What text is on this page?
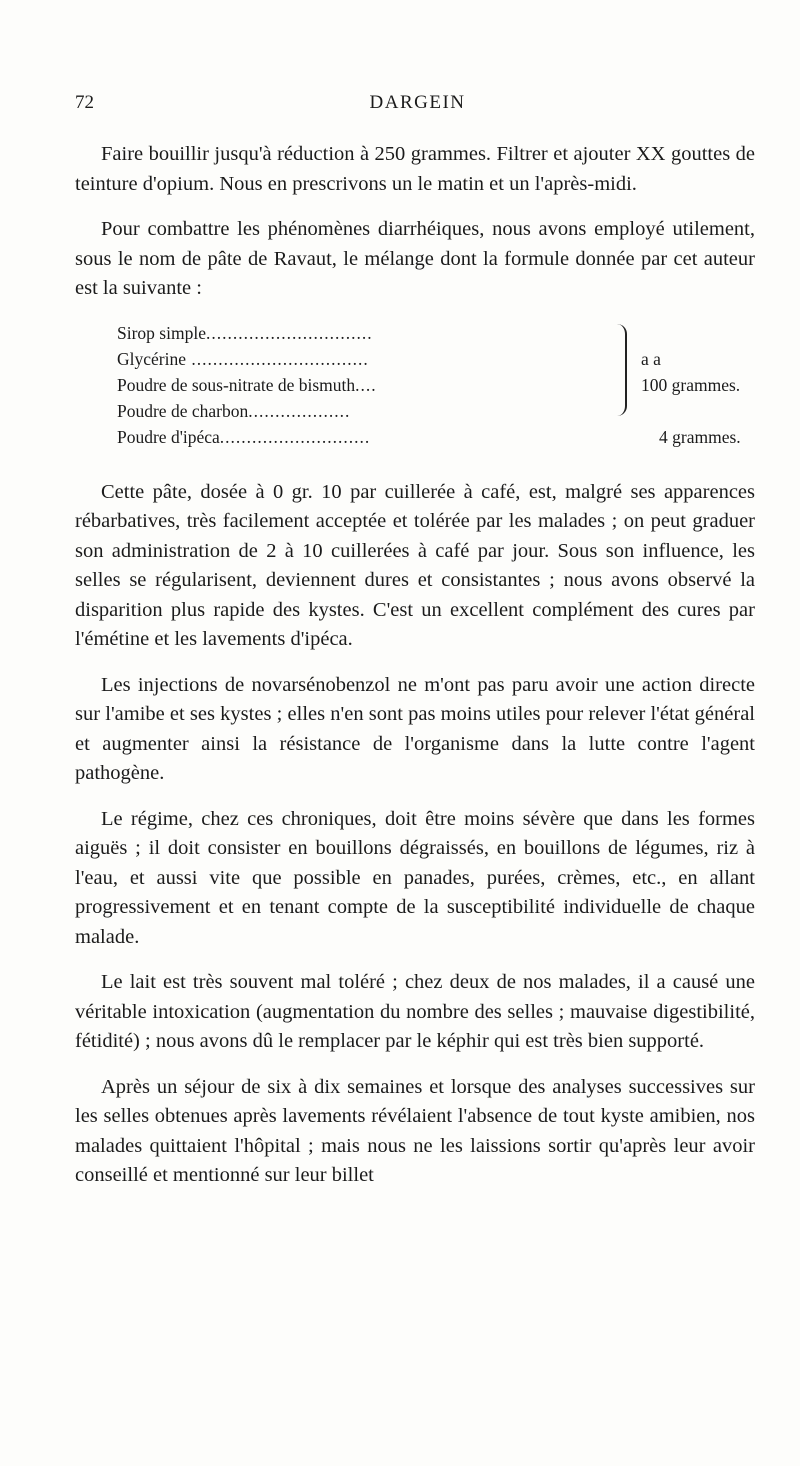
72	DARGEIN

Faire bouillir jusqu'à réduction à 250 grammes. Filtrer et ajouter XX gouttes de teinture d'opium. Nous en prescrivons un le matin et un l'après-midi.

Pour combattre les phénomènes diarrhéiques, nous avons employé utilement, sous le nom de pâte de Ravaut, le mélange dont la formule donnée par cet auteur est la suivante :

Sirop simple...............................
Glycérine .................................
Poudre de sous-nitrate de bismuth....
Poudre de charbon...................
Poudre d'ipéca............................
a a
100 grammes.
4 grammes.

Cette pâte, dosée à 0 gr. 10 par cuillerée à café, est, malgré ses apparences rébarbatives, très facilement acceptée et tolérée par les malades ; on peut graduer son administration de 2 à 10 cuillerées à café par jour. Sous son influence, les selles se régularisent, deviennent dures et consistantes ; nous avons observé la disparition plus rapide des kystes. C'est un excellent complément des cures par l'émétine et les lavements d'ipéca.

Les injections de novarsénobenzol ne m'ont pas paru avoir une action directe sur l'amibe et ses kystes ; elles n'en sont pas moins utiles pour relever l'état général et augmenter ainsi la résistance de l'organisme dans la lutte contre l'agent pathogène.

Le régime, chez ces chroniques, doit être moins sévère que dans les formes aiguës ; il doit consister en bouillons dégraissés, en bouillons de légumes, riz à l'eau, et aussi vite que possible en panades, purées, crèmes, etc., en allant progressivement et en tenant compte de la susceptibilité individuelle de chaque malade.

Le lait est très souvent mal toléré ; chez deux de nos malades, il a causé une véritable intoxication (augmentation du nombre des selles ; mauvaise digestibilité, fétidité) ; nous avons dû le remplacer par le képhir qui est très bien supporté.

Après un séjour de six à dix semaines et lorsque des analyses successives sur les selles obtenues après lavements révélaient l'absence de tout kyste amibien, nos malades quittaient l'hôpital ; mais nous ne les laissions sortir qu'après leur avoir conseillé et mentionné sur leur billet
